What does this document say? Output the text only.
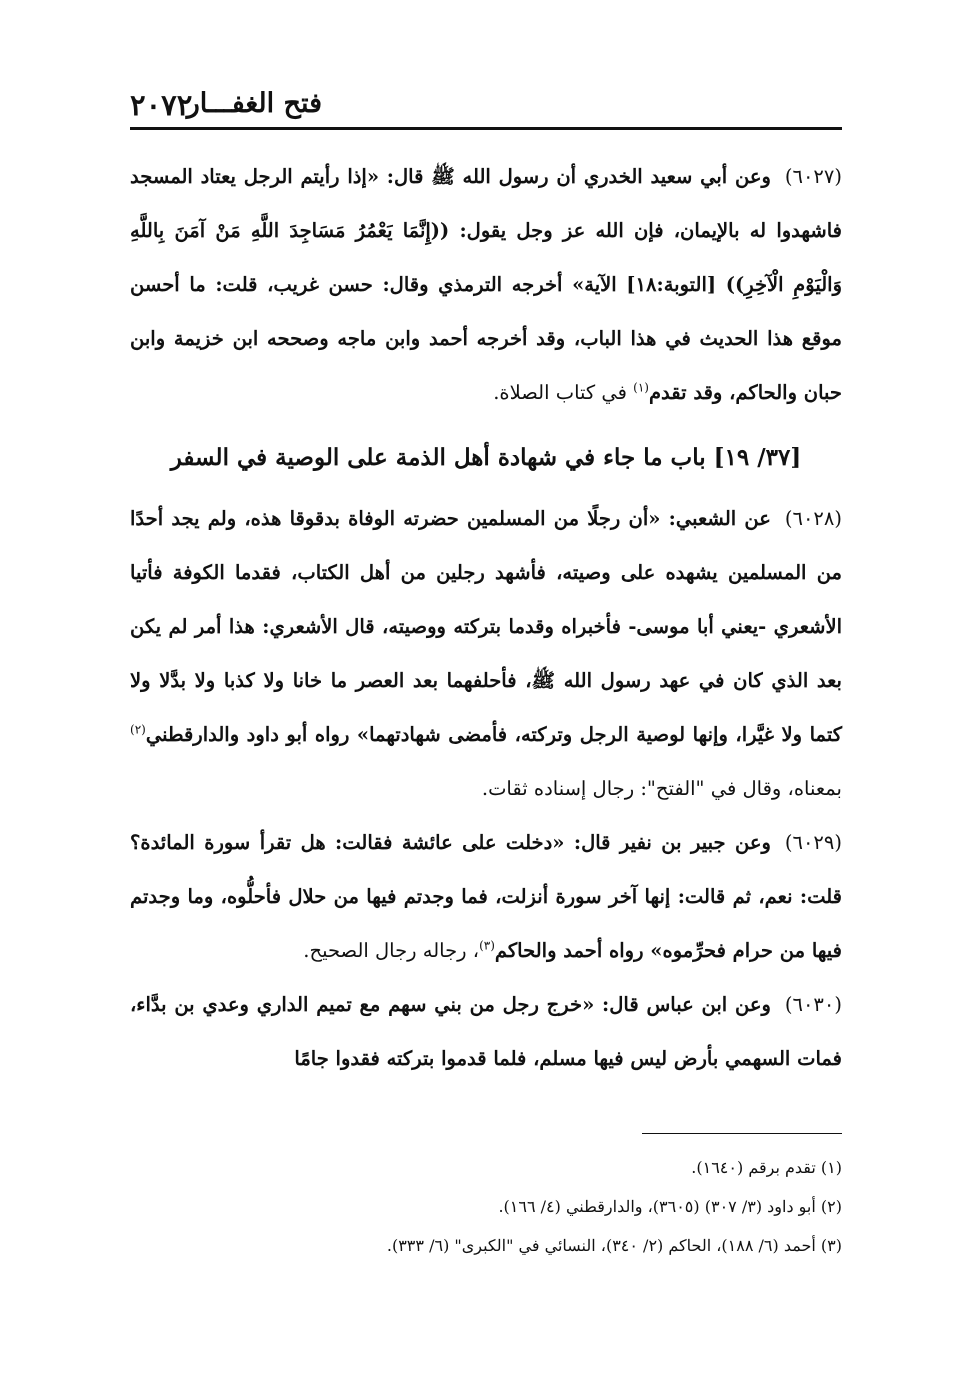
فتح الغفـــار
٢٠٧٢

(٦٠٢٧)وعن أبي سعيد الخدري أن رسول الله ﷺ قال: «إذا رأيتم الرجل يعتاد المسجد فاشهدوا له بالإيمان، فإن الله عز وجل يقول: ((إِنَّمَا يَعْمُرُ مَسَاجِدَ اللَّهِ مَنْ آمَنَ بِاللَّهِ وَالْيَوْمِ الْآخِرِ)) [التوبة:١٨] الآية» أخرجه الترمذي وقال: حسن غريب، قلت: ما أحسن موقع هذا الحديث في هذا الباب، وقد أخرجه أحمد وابن ماجه وصححه ابن خزيمة وابن حبان والحاكم، وقد تقدم$^{(١)}$ في كتاب الصلاة.

[٣٧/ ١٩] باب ما جاء في شهادة أهل الذمة على الوصية في السفر

(٦٠٢٨)عن الشعبي: «أن رجلًا من المسلمين حضرته الوفاة بدقوقا هذه، ولم يجد أحدًا من المسلمين يشهده على وصيته، فأشهد رجلين من أهل الكتاب، فقدما الكوفة فأتيا الأشعري -يعني أبا موسى- فأخبراه وقدما بتركته ووصيته، قال الأشعري: هذا أمر لم يكن بعد الذي كان في عهد رسول الله ﷺ، فأحلفهما بعد العصر ما خانا ولا كذبا ولا بدَّلا ولا كتما ولا غيَّرا، وإنها لوصية الرجل وتركته، فأمضى شهادتهما» رواه أبو داود والدارقطني$^{(٢)}$ بمعناه، وقال في "الفتح": رجال إسناده ثقات.

(٦٠٢٩)وعن جبير بن نفير قال: «دخلت على عائشة فقالت: هل تقرأ سورة المائدة؟ قلت: نعم، ثم قالت: إنها آخر سورة أنزلت، فما وجدتم فيها من حلال فأحلُّوه، وما وجدتم فيها من حرام فحرِّموه» رواه أحمد والحاكم$^{(٣)}$، رجاله رجال الصحيح.

(٦٠٣٠)وعن ابن عباس قال: «خرج رجل من بني سهم مع تميم الداري وعدي بن بدَّاء، فمات السهمي بأرض ليس فيها مسلم، فلما قدموا بتركته فقدوا جامًا

(١) تقدم برقم (١٦٤٠).

(٢) أبو داود (٣/ ٣٠٧) (٣٦٠٥)، والدارقطني (٤/ ١٦٦).

(٣) أحمد (٦/ ١٨٨)، الحاكم (٢/ ٣٤٠)، النسائي في "الكبرى" (٦/ ٣٣٣).
